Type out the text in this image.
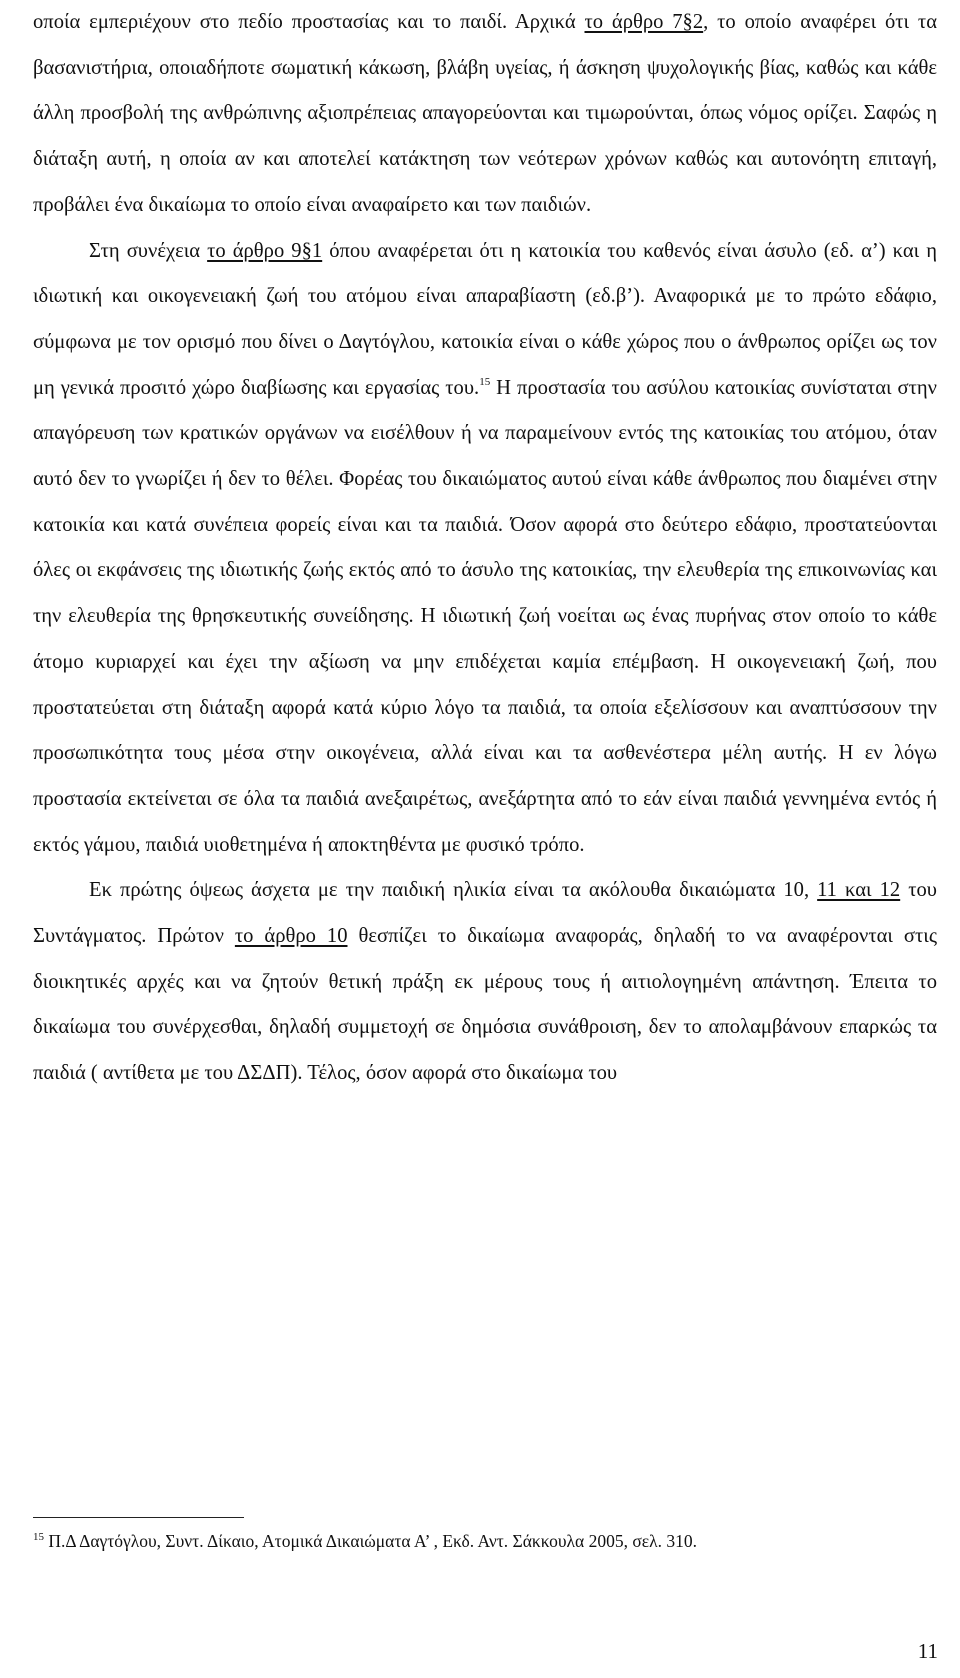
οποία εμπεριέχουν στο πεδίο προστασίας και το παιδί. Αρχικά το άρθρο 7§2, το οποίο αναφέρει ότι τα βασανιστήρια, οποιαδήποτε σωματική κάκωση, βλάβη υγείας, ή άσκηση ψυχολογικής βίας, καθώς και κάθε άλλη προσβολή της ανθρώπινης αξιοπρέπειας απαγορεύονται και τιμωρούνται, όπως νόμος ορίζει. Σαφώς η διάταξη αυτή, η οποία αν και αποτελεί κατάκτηση των νεότερων χρόνων καθώς και αυτονόητη επιταγή, προβάλει ένα δικαίωμα το οποίο είναι αναφαίρετο και των παιδιών.

Στη συνέχεια το άρθρο 9§1 όπου αναφέρεται ότι η κατοικία του καθενός είναι άσυλο (εδ. α’) και η ιδιωτική και οικογενειακή ζωή του ατόμου είναι απαραβίαστη (εδ.β’). Αναφορικά με το πρώτο εδάφιο, σύμφωνα με τον ορισμό που δίνει ο Δαγτόγλου, κατοικία είναι ο κάθε χώρος που ο άνθρωπος ορίζει ως τον μη γενικά προσιτό χώρο διαβίωσης και εργασίας του.$^{15}$ Η προστασία του ασύλου κατοικίας συνίσταται στην απαγόρευση των κρατικών οργάνων να εισέλθουν ή να παραμείνουν εντός της κατοικίας του ατόμου, όταν αυτό δεν το γνωρίζει ή δεν το θέλει. Φορέας του δικαιώματος αυτού είναι κάθε άνθρωπος που διαμένει στην κατοικία και κατά συνέπεια φορείς είναι και τα παιδιά. Όσον αφορά στο δεύτερο εδάφιο, προστατεύονται όλες οι εκφάνσεις της ιδιωτικής ζωής εκτός από το άσυλο της κατοικίας, την ελευθερία της επικοινωνίας και την ελευθερία της θρησκευτικής συνείδησης. Η ιδιωτική ζωή νοείται ως ένας πυρήνας στον οποίο το κάθε άτομο κυριαρχεί και έχει την αξίωση να μην επιδέχεται καμία επέμβαση. Η οικογενειακή ζωή, που προστατεύεται στη διάταξη αφορά κατά κύριο λόγο τα παιδιά, τα οποία εξελίσσουν και αναπτύσσουν την προσωπικότητα τους μέσα στην οικογένεια, αλλά είναι και τα ασθενέστερα μέλη αυτής. Η εν λόγω προστασία εκτείνεται σε όλα τα παιδιά ανεξαιρέτως, ανεξάρτητα από το εάν είναι παιδιά γεννημένα εντός ή εκτός γάμου, παιδιά υιοθετημένα ή αποκτηθέντα με φυσικό τρόπο.

Εκ πρώτης όψεως άσχετα με την παιδική ηλικία είναι τα ακόλουθα δικαιώματα 10, 11 και 12 του Συντάγματος. Πρώτον το άρθρο 10 θεσπίζει το δικαίωμα αναφοράς, δηλαδή το να αναφέρονται στις διοικητικές αρχές και να ζητούν θετική πράξη εκ μέρους τους ή αιτιολογημένη απάντηση. Έπειτα το δικαίωμα του συνέρχεσθαι, δηλαδή συμμετοχή σε δημόσια συνάθροιση, δεν το απολαμβάνουν επαρκώς τα παιδιά ( αντίθετα με του ΔΣΔΠ). Τέλος, όσον αφορά στο δικαίωμα του

$^{15}$ Π.Δ Δαγτόγλου, Συντ. Δίκαιο, Ατομικά Δικαιώματα Α’ , Εκδ. Αντ. Σάκκουλα 2005, σελ. 310.
11
